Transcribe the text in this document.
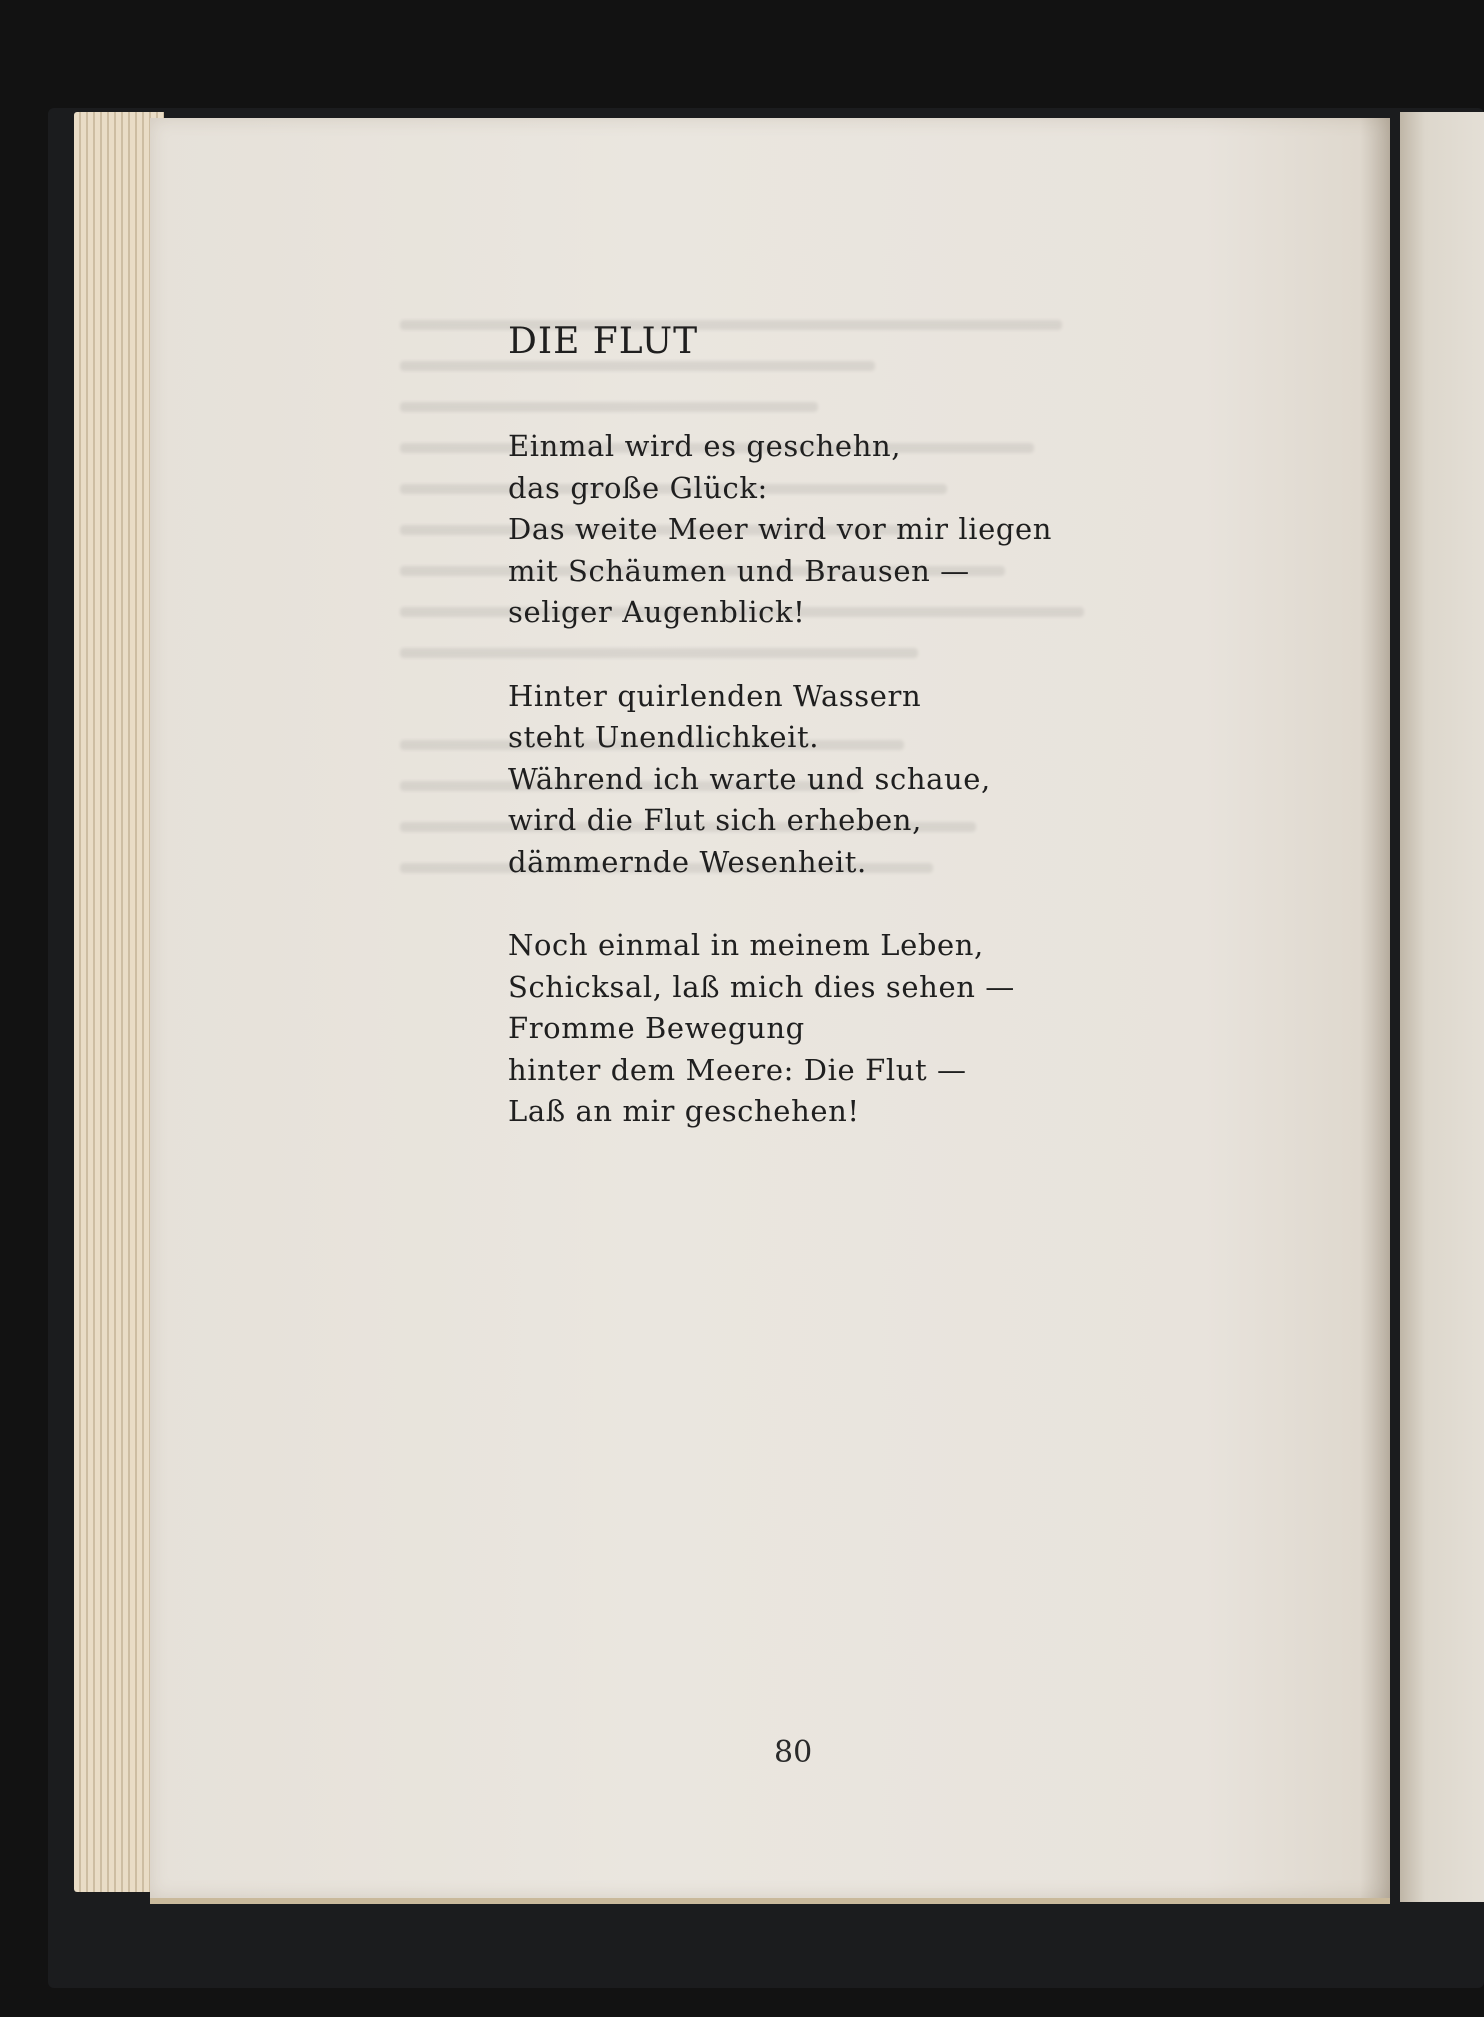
DIE FLUT
Einmal wird es geschehn,
das große Glück:
Das weite Meer wird vor mir liegen
mit Schäumen und Brausen —
seliger Augenblick!
Hinter quirlenden Wassern
steht Unendlichkeit.
Während ich warte und schaue,
wird die Flut sich erheben,
dämmernde Wesenheit.
Noch einmal in meinem Leben,
Schicksal, laß mich dies sehen —
Fromme Bewegung
hinter dem Meere: Die Flut —
Laß an mir geschehen!
80
